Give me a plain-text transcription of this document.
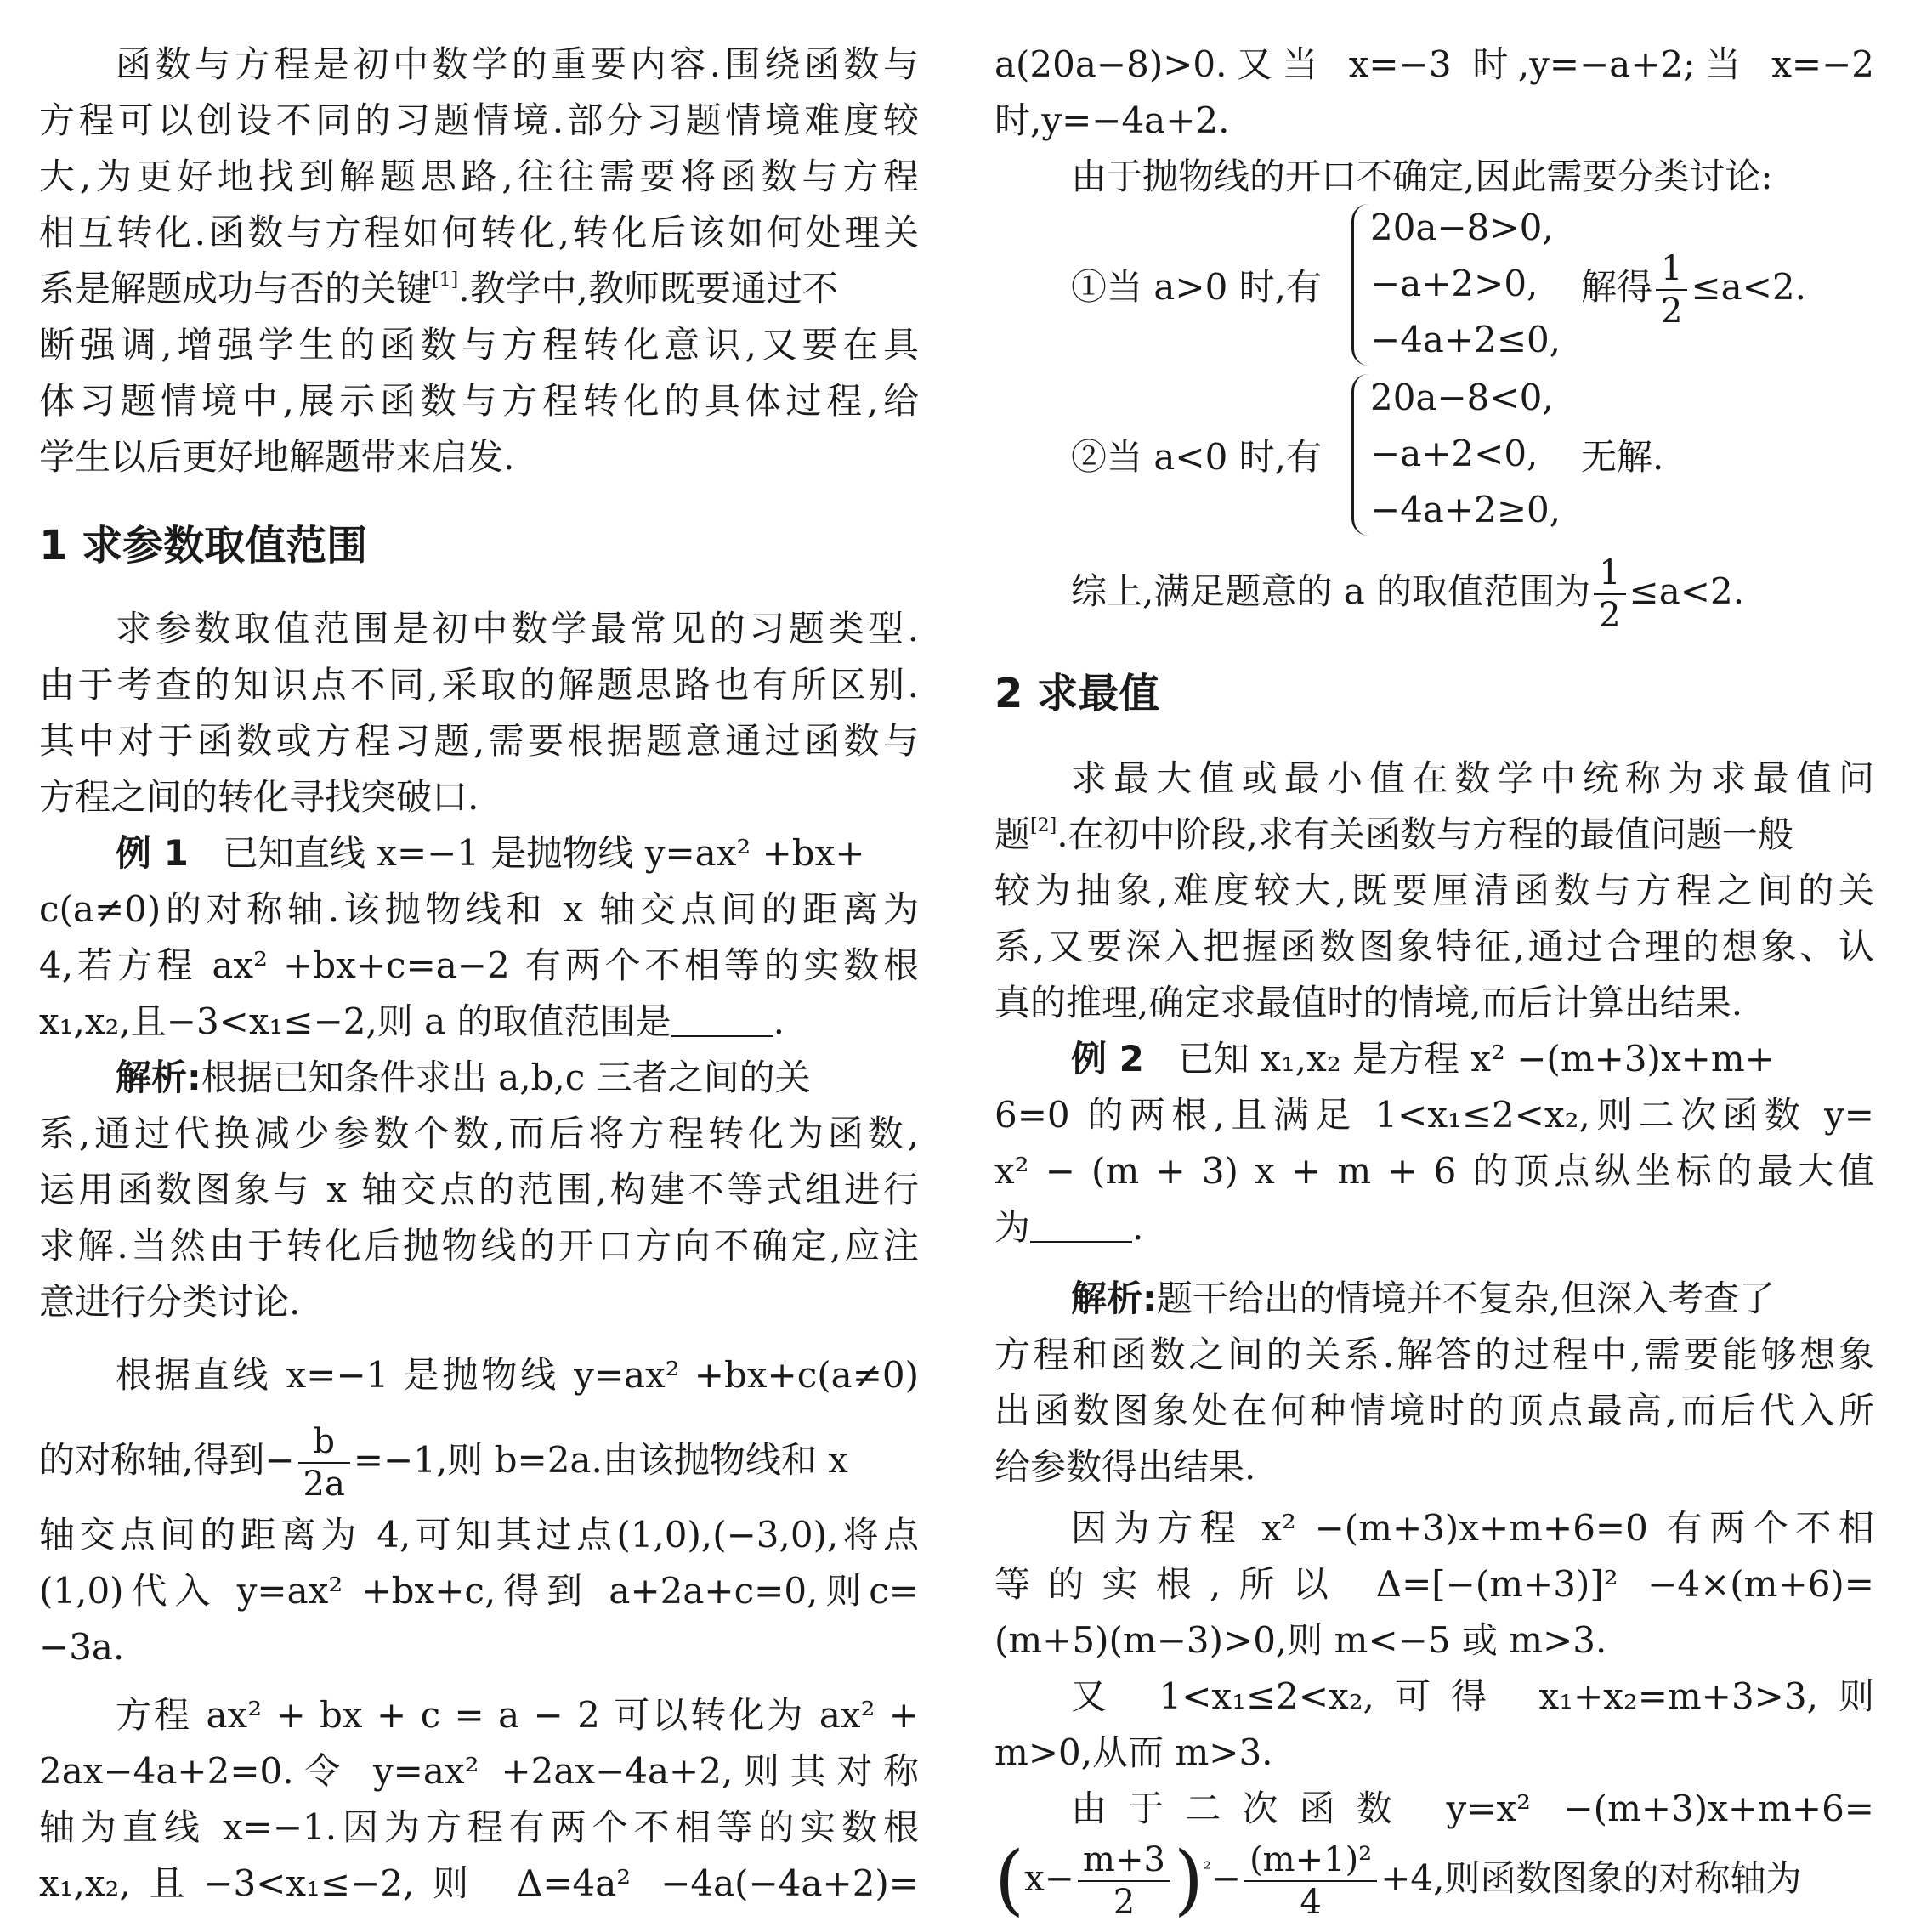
函数与方程是初中数学的重要内容.围绕函数与
方程可以创设不同的习题情境.部分习题情境难度较
大,为更好地找到解题思路,往往需要将函数与方程
相互转化.函数与方程如何转化,转化后该如何处理关
系是解题成功与否的关键[1].教学中,教师既要通过不
断强调,增强学生的函数与方程转化意识,又要在具
体习题情境中,展示函数与方程转化的具体过程,给
学生以后更好地解题带来启发.
1 求参数取值范围
求参数取值范围是初中数学最常见的习题类型.
由于考查的知识点不同,采取的解题思路也有所区别.
其中对于函数或方程习题,需要根据题意通过函数与
方程之间的转化寻找突破口.
例 1 已知直线 x=−1 是抛物线 y=ax² +bx+
c(a≠0)的对称轴.该抛物线和 x 轴交点间的距离为
4,若方程 ax² +bx+c=a−2 有两个不相等的实数根
x₁,x₂,且−3<x₁≤−2,则 a 的取值范围是	.
解析:根据已知条件求出 a,b,c 三者之间的关
系,通过代换减少参数个数,而后将方程转化为函数,
运用函数图象与 x 轴交点的范围,构建不等式组进行
求解.当然由于转化后抛物线的开口方向不确定,应注
意进行分类讨论.
根据直线 x=−1 是抛物线 y=ax² +bx+c(a≠0)
的对称轴,得到− $\frac{b}{2a} =-1$,则 b=2a.由该抛物线和 x
轴交点间的距离为 4,可知其过点(1,0),(−3,0),将点
(1,0)代入 y=ax² +bx+c,得到 a+2a+c=0,则c=
−3a.
方程 ax² + bx + c = a − 2 可以转化为 ax² +
2ax−4a+2=0.令 y=ax² +2ax−4a+2,则其对称
轴为直线 x=−1.因为方程有两个不相等的实数根
x₁,x₂,且−3<x₁≤−2,则 Δ=4a² −4a(−4a+2)=
a(20a−8)>0.又当 x=−3 时,y=−a+2;当 x=−2
时,y=−4a+2.
由于抛物线的开口不确定,因此需要分类讨论:
①当 a>0 时,有
20a−8>0,
−a+2>0,
−4a+2≤0,
解得 $\frac{1}{2} \le a<2$.
②当 a<0 时,有
20a−8<0,
−a+2<0,
−4a+2≥0,
无解.
综上,满足题意的 a 的取值范围为 $\frac{1}{2} \le a<2$.
2 求最值
求最大值或最小值在数学中统称为求最值问
题[2].在初中阶段,求有关函数与方程的最值问题一般
较为抽象,难度较大,既要厘清函数与方程之间的关
系,又要深入把握函数图象特征,通过合理的想象、认
真的推理,确定求最值时的情境,而后计算出结果.
例 2 已知 x₁,x₂ 是方程 x² −(m+3)x+m+
6=0 的两根,且满足 1<x₁≤2<x₂,则二次函数 y=
x² − (m + 3) x + m + 6 的顶点纵坐标的最大值
为	.
解析:题干给出的情境并不复杂,但深入考查了
方程和函数之间的关系.解答的过程中,需要能够想象
出函数图象处在何种情境时的顶点最高,而后代入所
给参数得出结果.
因为方程 x² −(m+3)x+m+6=0 有两个不相
等的实根,所以 Δ=[−(m+3)]² −4×(m+6)=
(m+5)(m−3)>0,则 m<−5 或 m>3.
又 1<x₁≤2<x₂,可得 x₁+x₂=m+3>3,则
m>0,从而 m>3.
由于二次函数 y=x² −(m+3)x+m+6=
$(x- \frac{m+3}{2} )^{^2}- \frac{\text{(m+1)²}}{4} +4$,则函数图象的对称轴为
